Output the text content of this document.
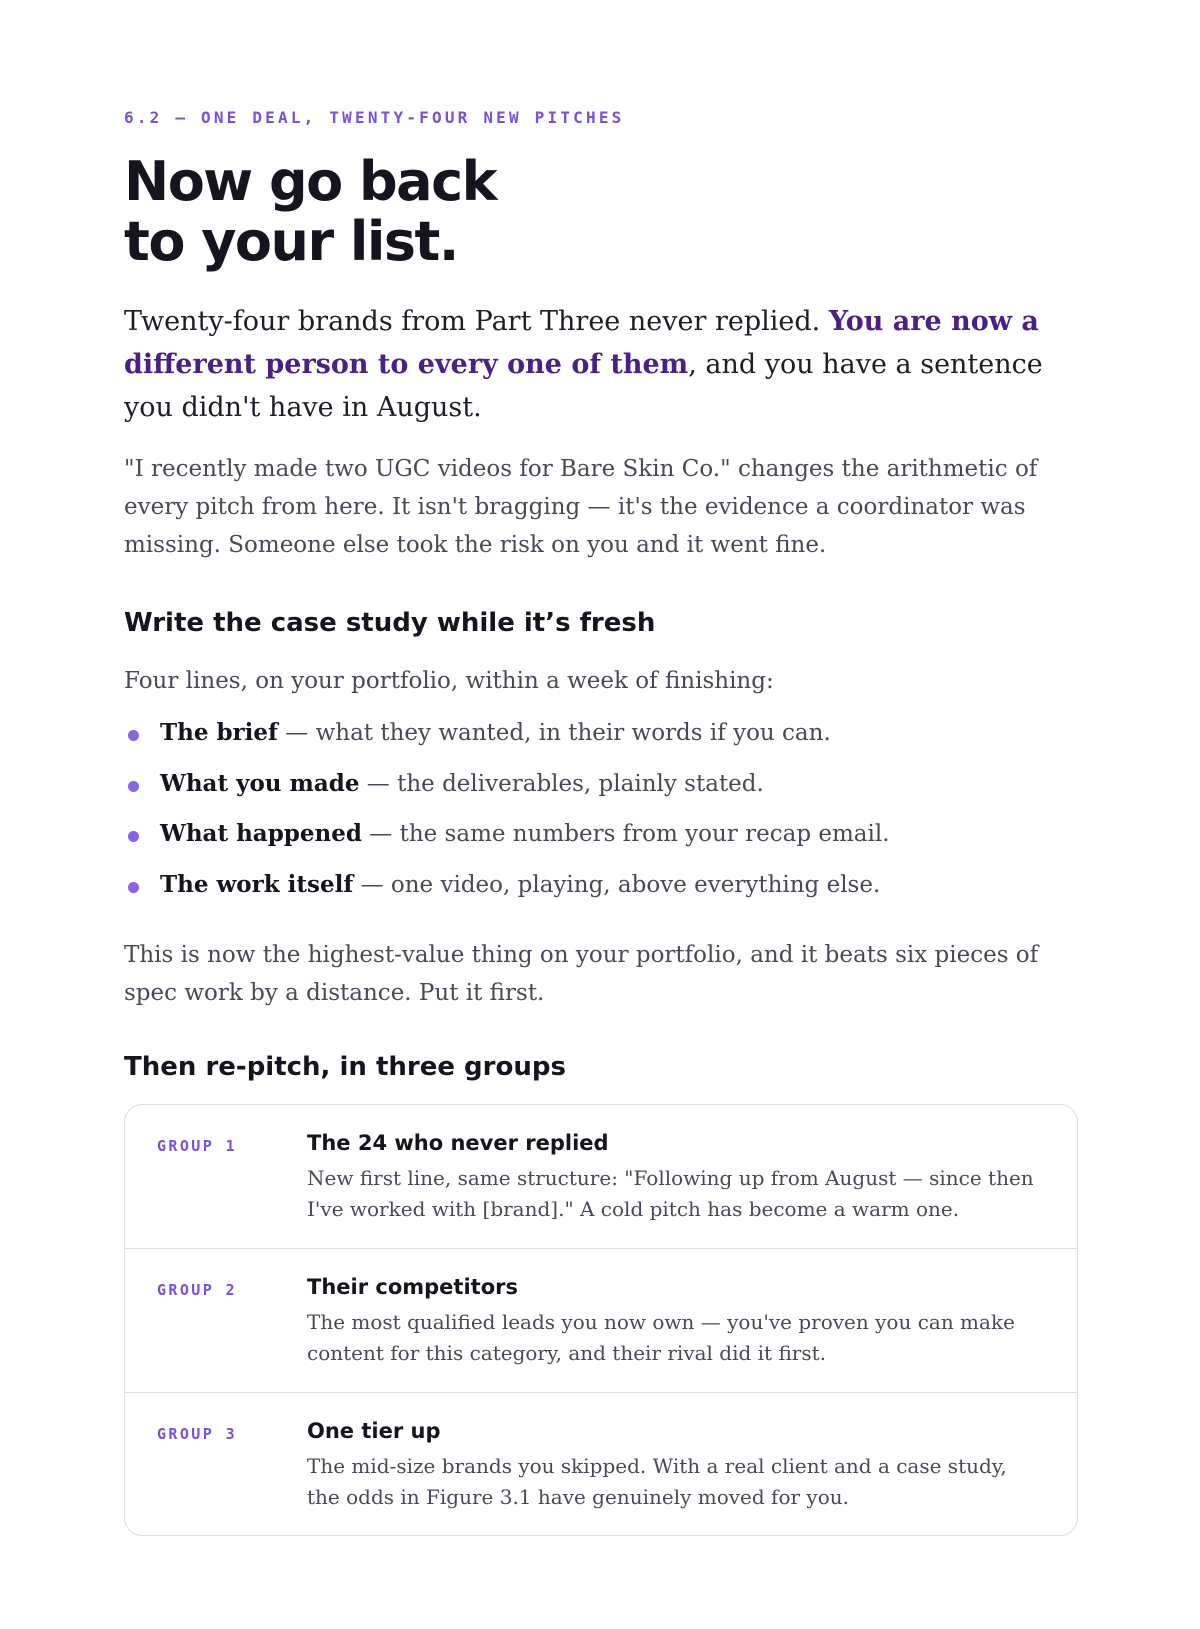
6.2 — ONE DEAL, TWENTY-FOUR NEW PITCHES
Now go back
to your list.

Twenty-four brands from Part Three never replied. You are now a different person to every one of them, and you have a sentence you didn't have in August.

"I recently made two UGC videos for Bare Skin Co." changes the arithmetic of every pitch from here. It isn't bragging — it's the evidence a coordinator was missing. Someone else took the risk on you and it went fine.

Write the case study while it’s fresh

Four lines, on your portfolio, within a week of finishing:

The brief — what they wanted, in their words if you can.
What you made — the deliverables, plainly stated.
What happened — the same numbers from your recap email.
The work itself — one video, playing, above everything else.

This is now the highest-value thing on your portfolio, and it beats six pieces of spec work by a distance. Put it first.

Then re-pitch, in three groups
GROUP 1	The 24 who never replied

New first line, same structure: "Following up from August — since then I've worked with [brand]." A cold pitch has become a warm one.

GROUP 2	Their competitors

The most qualified leads you now own — you've proven you can make content for this category, and their rival did it first.

GROUP 3	One tier up

The mid-size brands you skipped. With a real client and a case study, the odds in Figure 3.1 have genuinely moved for you.
